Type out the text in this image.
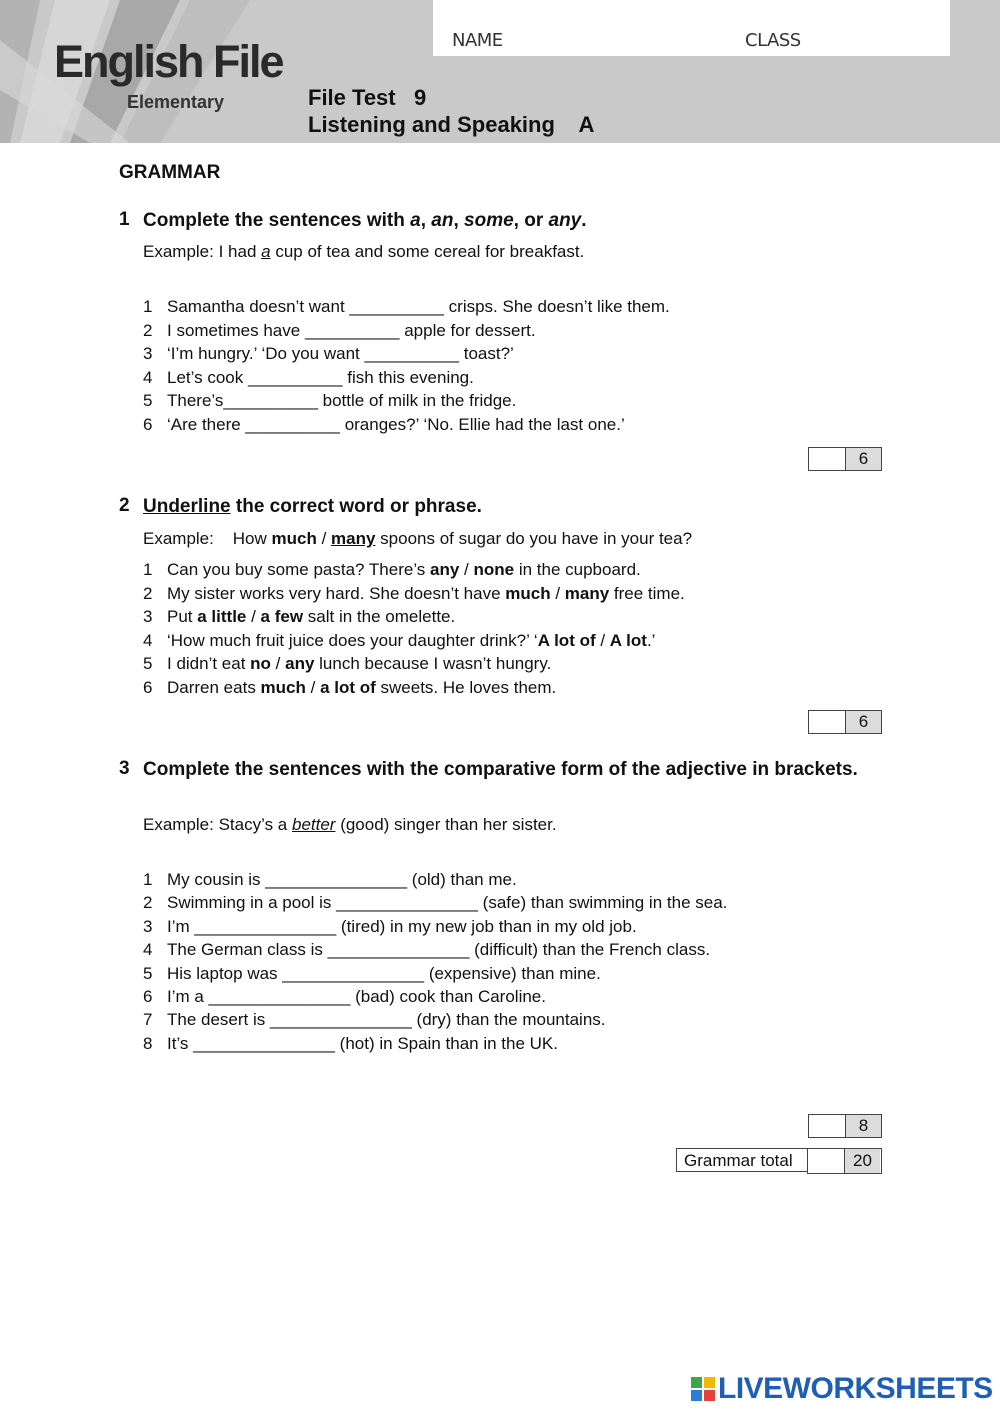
English File
Elementary
NAME	CLASS
File Test   9
Listening and Speaking    A
GRAMMAR
1 Complete the sentences with a, an, some, or any.
Example: I had a cup of tea and some cereal for breakfast.
1 Samantha doesn’t want __________ crisps. She doesn’t like them.
2 I sometimes have __________ apple for dessert.
3 ‘I’m hungry.’ ‘Do you want __________ toast?’
4 Let’s cook __________ fish this evening.
5 There’s__________ bottle of milk in the fridge.
6 ‘Are there __________ oranges?’ ‘No. Ellie had the last one.’
6
2 Underline the correct word or phrase.
Example:    How much / many spoons of sugar do you have in your tea?
1 Can you buy some pasta? There’s any / none in the cupboard.
2 My sister works very hard. She doesn’t have much / many free time.
3 Put a little / a few salt in the omelette.
4 ‘How much fruit juice does your daughter drink?’ ‘A lot of / A lot.’
5 I didn’t eat no / any lunch because I wasn’t hungry.
6 Darren eats much / a lot of sweets. He loves them.
6
3 Complete the sentences with the comparative form of the adjective in brackets.
Example: Stacy’s a better (good) singer than her sister.
1 My cousin is _______________ (old) than me.
2 Swimming in a pool is _______________ (safe) than swimming in the sea.
3 I’m _______________ (tired) in my new job than in my old job.
4 The German class is _______________ (difficult) than the French class.
5 His laptop was _______________ (expensive) than mine.
6 I’m a _______________ (bad) cook than Caroline.
7 The desert is _______________ (dry) than the mountains.
8 It’s _______________ (hot) in Spain than in the UK.
8
Grammar total	20
LIVEWORKSHEETS
